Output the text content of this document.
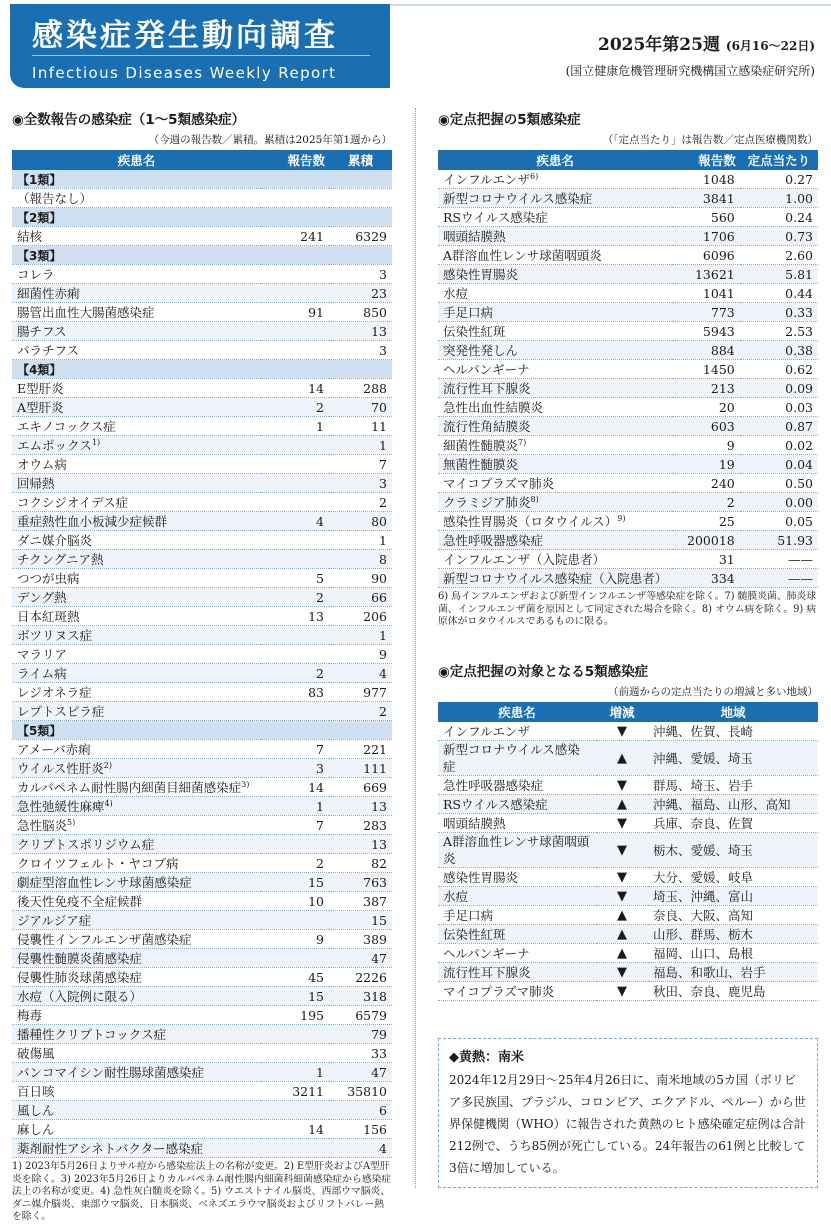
感染症発生動向調査
Infectious Diseases Weekly Report
2025年第25週 (6月16～22日)
(国立健康危機管理研究機構国立感染症研究所)
◉全数報告の感染症（1～5類感染症）
（今週の報告数／累積。累積は2025年第1週から）
疾患名	報告数	累積
【1類】		
（報告なし）		
【2類】		
結核	241	6329
【3類】		
コレラ		3
細菌性赤痢		23
腸管出血性大腸菌感染症	91	850
腸チフス		13
パラチフス		3
【4類】		
E型肝炎	14	288
A型肝炎	2	70
エキノコックス症	1	11
エムポックス$^{1)}$		1
オウム病		7
回帰熱		3
コクシジオイデス症		2
重症熱性血小板減少症候群	4	80
ダニ媒介脳炎		1
チクングニア熱		8
つつが虫病	5	90
デング熱	2	66
日本紅斑熱	13	206
ボツリヌス症		1
マラリア		9
ライム病	2	4
レジオネラ症	83	977
レプトスピラ症		2
【5類】		
アメーバ赤痢	7	221
ウイルス性肝炎$^{2)}$	3	111
カルバペネム耐性腸内細菌目細菌感染症$^{3)}$	14	669
急性弛緩性麻痺$^{4)}$	1	13
急性脳炎$^{5)}$	7	283
クリプトスポリジウム症		13
クロイツフェルト・ヤコブ病	2	82
劇症型溶血性レンサ球菌感染症	15	763
後天性免疫不全症候群	10	387
ジアルジア症		15
侵襲性インフルエンザ菌感染症	9	389
侵襲性髄膜炎菌感染症		47
侵襲性肺炎球菌感染症	45	2226
水痘（入院例に限る）	15	318
梅毒	195	6579
播種性クリプトコックス症		79
破傷風		33
バンコマイシン耐性腸球菌感染症	1	47
百日咳	3211	35810
風しん		6
麻しん	14	156
薬剤耐性アシネトバクター感染症		4
1) 2023年5月26日よりサル痘から感染症法上の名称が変更。2) E型肝炎およびA型肝炎を除く。3) 2023年5月26日よりカルバペネム耐性腸内細菌科細菌感染症から感染症法上の名称が変更。4) 急性灰白髄炎を除く。5) ウエストナイル脳炎、西部ウマ脳炎、ダニ媒介脳炎、東部ウマ脳炎、日本脳炎、ベネズエラウマ脳炎およびリフトバレー熱を除く。
◉定点把握の5類感染症
（「定点当たり」は報告数／定点医療機関数）
疾患名	報告数	定点当たり
インフルエンザ$^{6)}$	1048	0.27
新型コロナウイルス感染症	3841	1.00
RSウイルス感染症	560	0.24
咽頭結膜熱	1706	0.73
A群溶血性レンサ球菌咽頭炎	6096	2.60
感染性胃腸炎	13621	5.81
水痘	1041	0.44
手足口病	773	0.33
伝染性紅斑	5943	2.53
突発性発しん	884	0.38
ヘルパンギーナ	1450	0.62
流行性耳下腺炎	213	0.09
急性出血性結膜炎	20	0.03
流行性角結膜炎	603	0.87
細菌性髄膜炎$^{7)}$	9	0.02
無菌性髄膜炎	19	0.04
マイコプラズマ肺炎	240	0.50
クラミジア肺炎$^{8)}$	2	0.00
感染性胃腸炎（ロタウイルス）$^{9)}$	25	0.05
急性呼吸器感染症	200018	51.93
インフルエンザ（入院患者）	31	——
新型コロナウイルス感染症（入院患者）	334	——
6) 鳥インフルエンザおよび新型インフルエンザ等感染症を除く。7) 髄膜炎菌、肺炎球菌、インフルエンザ菌を原因として同定された場合を除く。8) オウム病を除く。9) 病原体がロタウイルスであるものに限る。
◉定点把握の対象となる5類感染症
（前週からの定点当たりの増減と多い地域）
疾患名	増減	地域
インフルエンザ	▼	沖縄、佐賀、長崎
新型コロナウイルス感染症	▲	沖縄、愛媛、埼玉
急性呼吸器感染症	▼	群馬、埼玉、岩手
RSウイルス感染症	▲	沖縄、福島、山形、高知
咽頭結膜熱	▼	兵庫、奈良、佐賀
A群溶血性レンサ球菌咽頭炎	▼	栃木、愛媛、埼玉
感染性胃腸炎	▼	大分、愛媛、岐阜
水痘	▼	埼玉、沖縄、富山
手足口病	▲	奈良、大阪、高知
伝染性紅斑	▲	山形、群馬、栃木
ヘルパンギーナ	▲	福岡、山口、島根
流行性耳下腺炎	▼	福島、和歌山、岩手
マイコプラズマ肺炎	▼	秋田、奈良、鹿児島
◆黄熱：南米
2024年12月29日～25年4月26日に、南米地域の5カ国（ボリビア多民族国、ブラジル、コロンビア、エクアドル、ペルー）から世界保健機関（WHO）に報告された黄熱のヒト感染確定症例は合計212例で、うち85例が死亡している。24年報告の61例と比較して3倍に増加している。
